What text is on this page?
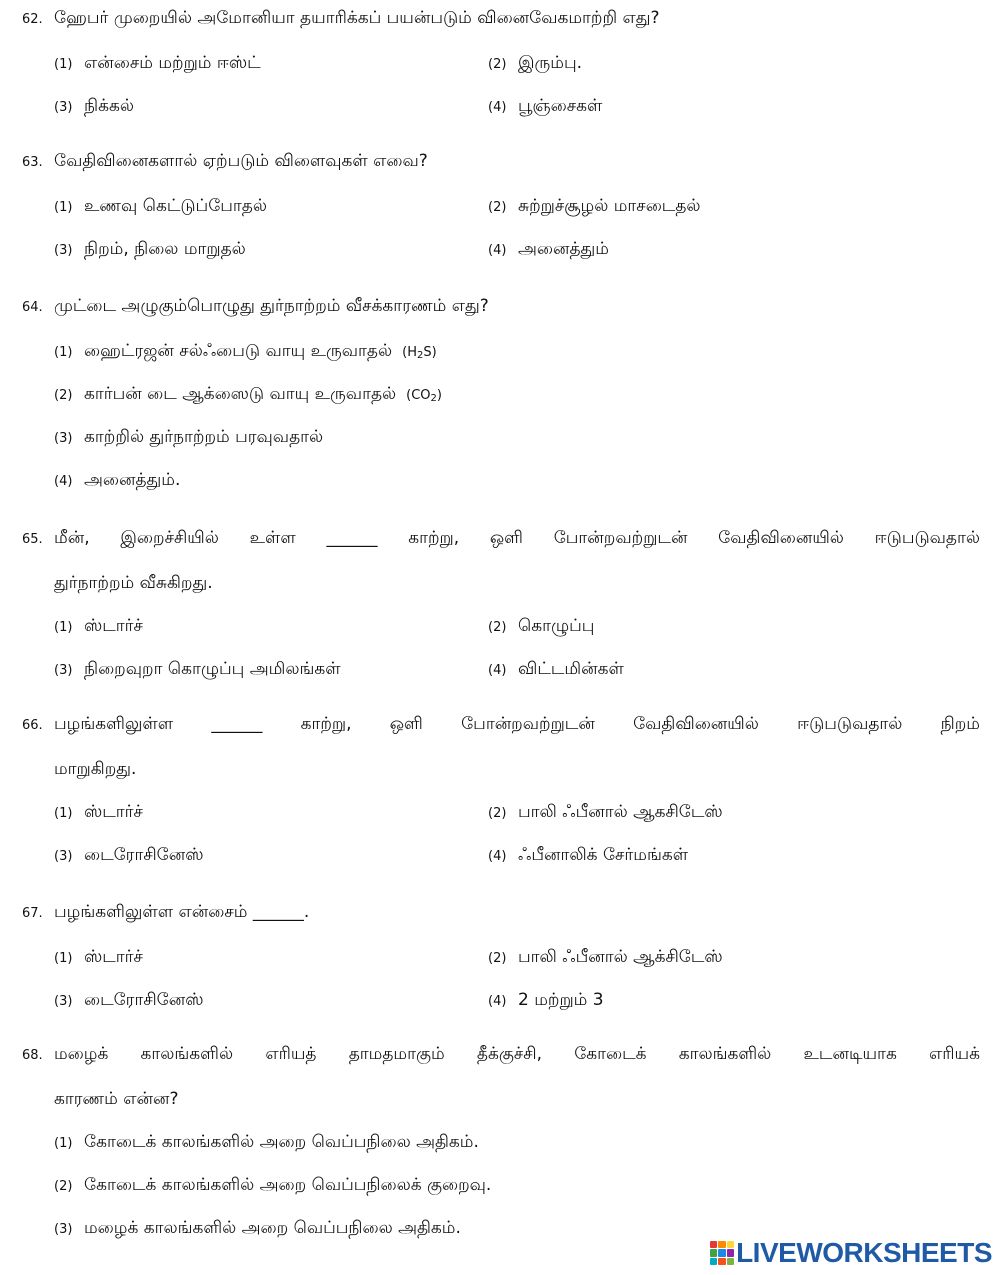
62. ஹேபர் முறையில் அமோனியா தயாரிக்கப் பயன்படும் வினைவேகமாற்றி எது?
(1) என்சைம் மற்றும் ஈஸ்ட்	(2) இரும்பு.
(3) நிக்கல்	(4) பூஞ்சைகள்
63. வேதிவினைகளால் ஏற்படும் விளைவுகள் எவை?
(1) உணவு கெட்டுப்போதல்	(2) சுற்றுச்சூழல் மாசடைதல்
(3) நிறம், நிலை மாறுதல்	(4) அனைத்தும்
64. முட்டை அழுகும்பொழுது துர்நாற்றம் வீசக்காரணம் எது?
(1) ஹைட்ரஜன் சல்ஃபைடு வாயு உருவாதல் $(H_2S)$
(2) கார்பன் டை ஆக்ஸைடு வாயு உருவாதல் $(CO_2)$
(3) காற்றில் துர்நாற்றம் பரவுவதால்
(4) அனைத்தும்.
65. மீன், இறைச்சியில் உள்ள ______ காற்று, ஒளி போன்றவற்றுடன் வேதிவினையில் ஈடுபடுவதால்
துர்நாற்றம் வீசுகிறது.
(1) ஸ்டார்ச்	(2) கொழுப்பு
(3) நிறைவுறா கொழுப்பு அமிலங்கள்	(4) விட்டமின்கள்
66. பழங்களிலுள்ள ______ காற்று, ஒளி போன்றவற்றுடன் வேதிவினையில் ஈடுபடுவதால் நிறம்
மாறுகிறது.
(1) ஸ்டார்ச்	(2) பாலி ஃபீனால் ஆகசிடேஸ்
(3) டைரோசினேஸ்	(4) ஃபீனாலிக் சேர்மங்கள்
67. பழங்களிலுள்ள என்சைம் ______.
(1) ஸ்டார்ச்	(2) பாலி ஃபீனால் ஆக்சிடேஸ்
(3) டைரோசினேஸ்	(4) 2 மற்றும் 3
68. மழைக் காலங்களில் எரியத் தாமதமாகும் தீக்குச்சி, கோடைக் காலங்களில் உடனடியாக எரியக்
காரணம் என்ன?
(1) கோடைக் காலங்களில் அறை வெப்பநிலை அதிகம்.
(2) கோடைக் காலங்களில் அறை வெப்பநிலைக் குறைவு.
(3) மழைக் காலங்களில் அறை வெப்பநிலை அதிகம்.
LIVEWORKSHEETS
